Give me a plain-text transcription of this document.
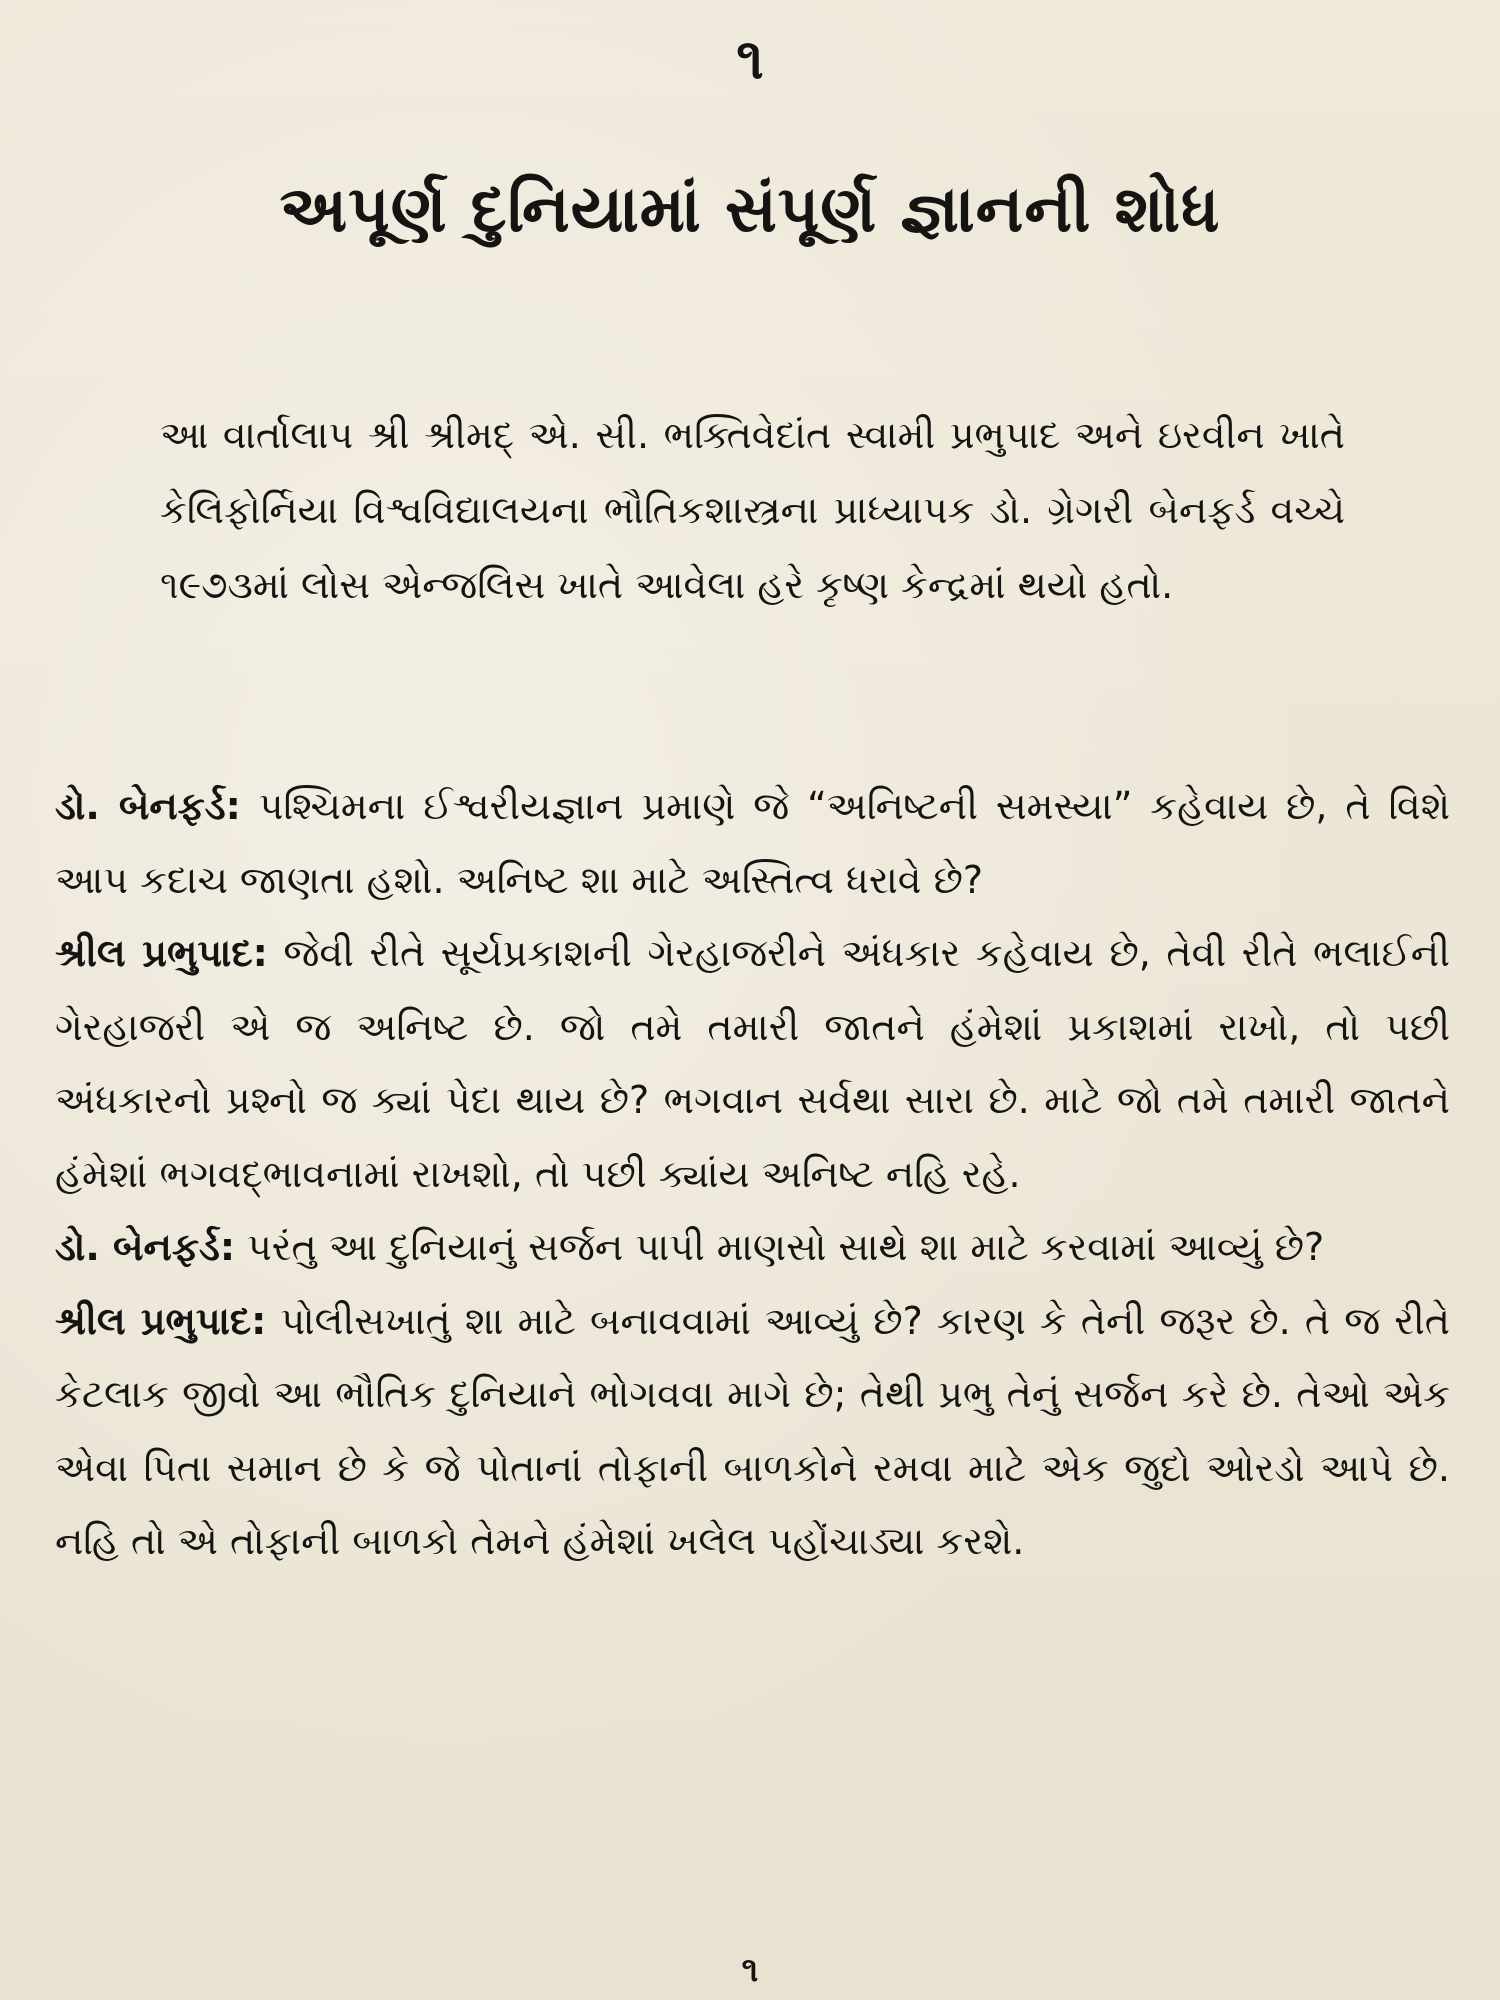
૧
અપૂર્ણ દુનિયામાં સંપૂર્ણ જ્ઞાનની શોધ

આ વાર્તાલાપ શ્રી શ્રીમદ્‍ એ. સી. ભક્તિવેદાંત સ્વામી પ્રભુપાદ અને ઇરવીન ખાતે કેલિફોર્નિયા વિશ્વવિદ્યાલયના ભૌતિકશાસ્ત્રના પ્રાધ્યાપક ડો. ગ્રેગરી બેનફર્ડ વચ્ચે ૧૯૭૩માં લોસ એન્જલિસ ખાતે આવેલા હરે કૃષ્ણ કેન્દ્રમાં થયો હતો.

ડો. બેનફર્ડ: પશ્ચિમના ઈશ્વરીયજ્ઞાન પ્રમાણે જે “અનિષ્ટની સમસ્યા” કહેવાય છે, તે વિશે આપ કદાચ જાણતા હશો. અનિષ્ટ શા માટે અસ્તિત્વ ધરાવે છે?

શ્રીલ પ્રભુપાદ: જેવી રીતે સૂર્યપ્રકાશની ગેરહાજરીને અંધકાર કહેવાય છે, તેવી રીતે ભલાઈની ગેરહાજરી એ જ અનિષ્ટ છે. જો તમે તમારી જાતને હંમેશાં પ્રકાશમાં રાખો, તો પછી અંધકારનો પ્રશ્નો જ ક્યાં પેદા થાય છે? ભગવાન સર્વથા સારા છે. માટે જો તમે તમારી જાતને હંમેશાં ભગવદ્‍ભાવનામાં રાખશો, તો પછી ક્યાંય અનિષ્ટ નહિ રહે.

ડો. બેનફર્ડ: પરંતુ આ દુનિયાનું સર્જન પાપી માણસો સાથે શા માટે કરવામાં આવ્યું છે?

શ્રીલ પ્રભુપાદ: પોલીસખાતું શા માટે બનાવવામાં આવ્યું છે? કારણ કે તેની જરૂર છે. તે જ રીતે કેટલાક જીવો આ ભૌતિક દુનિયાને ભોગવવા માગે છે; તેથી પ્રભુ તેનું સર્જન કરે છે. તેઓ એક એવા પિતા સમાન છે કે જે પોતાનાં તોફાની બાળકોને રમવા માટે એક જુદો ઓરડો આપે છે. નહિ તો એ તોફાની બાળકો તેમને હંમેશાં ખલેલ પહોંચાડ્યા કરશે.

૧
